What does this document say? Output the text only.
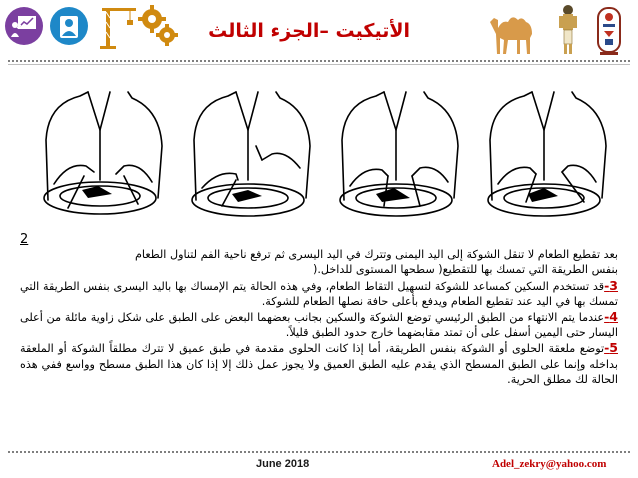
الأتيكيت –الجزء الثالث
2

بعد تقطيع الطعام لا تنقل الشوكة إلى اليد اليمنى وتترك في اليد اليسرى ثم ترفع ناحية الفم لتناول الطعام

بنفس الطريقة التي تمسك بها للتقطيع( سطحها المستوى للداخل.(

3-قد تستخدم السكين كمساعد للشوكة لتسهيل التقاط الطعام، وفي هذه الحالة يتم الإمساك بها باليد اليسرى بنفس الطريقة التي تمسك بها في اليد عند تقطيع الطعام ويدفع بأعلى حافة نصلها الطعام للشوكة.

4-عندما يتم الانتهاء من الطبق الرئيسي توضع الشوكة والسكين بجانب بعضهما البعض على الطبق على شكل زاوية مائلة من أعلى اليسار حتى اليمين أسفل على أن تمتد مقابضهما خارج حدود الطبق قليلاً.

5-توضع ملعقة الحلوى أو الشوكة بنفس الطريقة، أما إذا كانت الحلوى مقدمة في طبق عميق لا تترك مطلقاً الشوكة أو الملعقة بداخله وإنما على الطبق المسطح الذي يقدم عليه الطبق العميق ولا يجوز عمل ذلك إلا إذا كان هذا الطبق مسطح وواسع ففي هذه الحالة لك مطلق الحرية.

June 2018	Adel_zekry@yahoo.com
